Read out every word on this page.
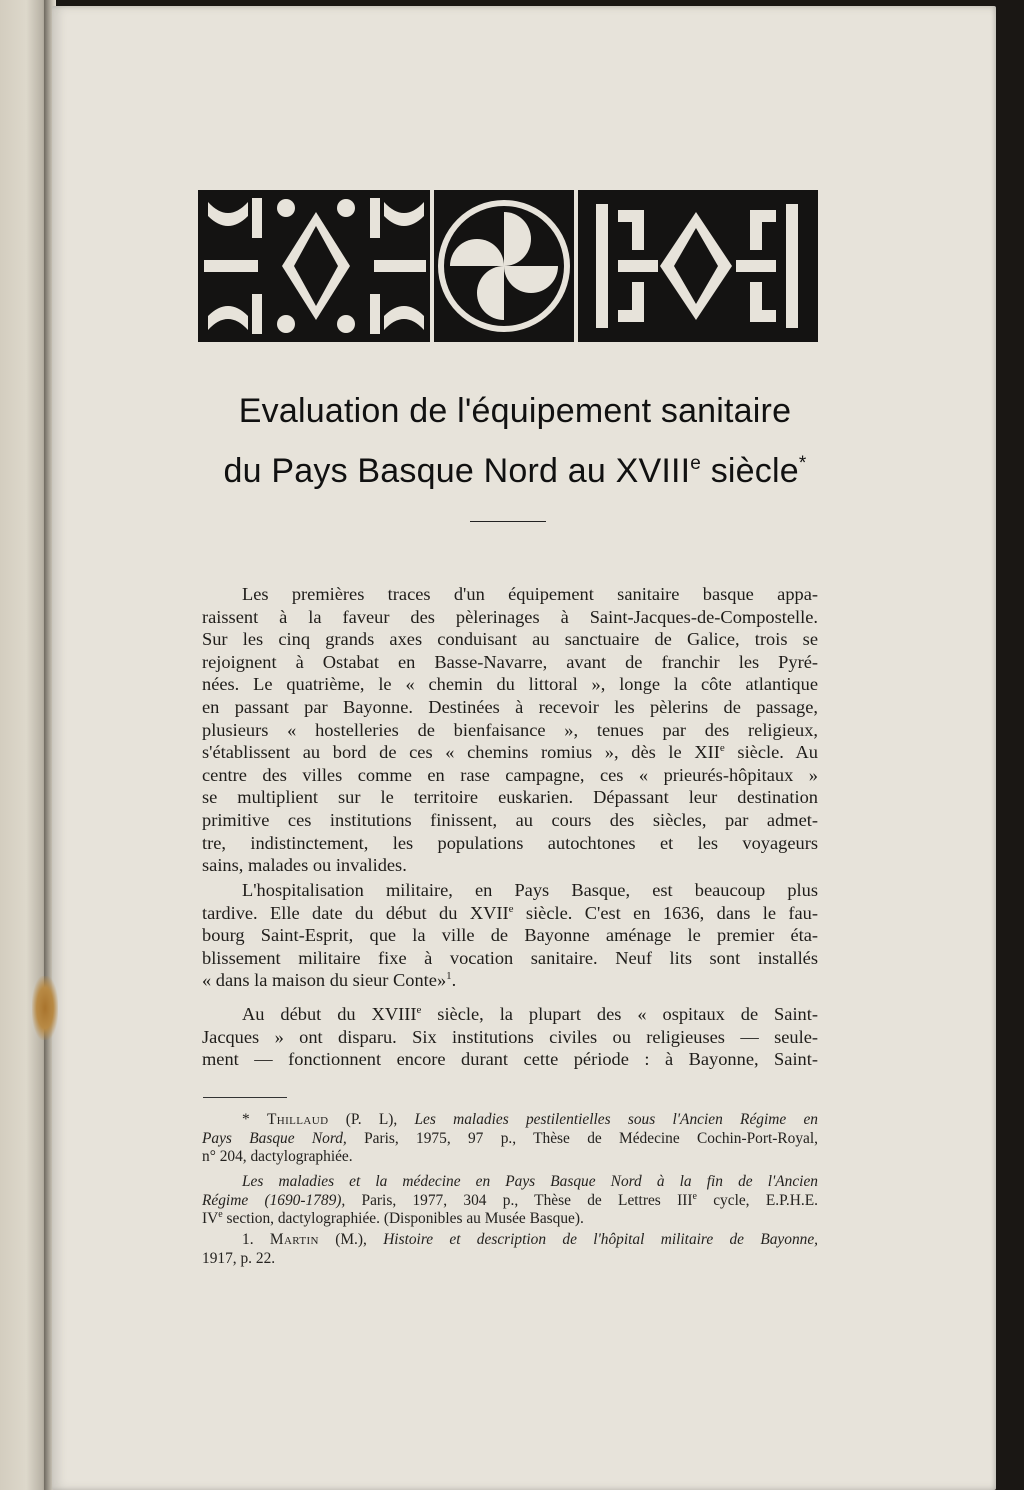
Evaluation de l'équipement sanitaire
du Pays Basque Nord au XVIIIe siècle*
Les premières traces d'un équipement sanitaire basque appa-
raissent à la faveur des pèlerinages à Saint-Jacques-de-Compostelle.
Sur les cinq grands axes conduisant au sanctuaire de Galice, trois se
rejoignent à Ostabat en Basse-Navarre, avant de franchir les Pyré-
nées. Le quatrième, le « chemin du littoral », longe la côte atlantique
en passant par Bayonne. Destinées à recevoir les pèlerins de passage,
plusieurs « hostelleries de bienfaisance », tenues par des religieux,
s'établissent au bord de ces « chemins romius », dès le XIIe siècle. Au
centre des villes comme en rase campagne, ces « prieurés-hôpitaux »
se multiplient sur le territoire euskarien. Dépassant leur destination
primitive ces institutions finissent, au cours des siècles, par admet-
tre, indistinctement, les populations autochtones et les voyageurs
sains, malades ou invalides.
L'hospitalisation militaire, en Pays Basque, est beaucoup plus
tardive. Elle date du début du XVIIe siècle. C'est en 1636, dans le fau-
bourg Saint-Esprit, que la ville de Bayonne aménage le premier éta-
blissement militaire fixe à vocation sanitaire. Neuf lits sont installés
« dans la maison du sieur Conte»$^1$.
Au début du XVIIIe siècle, la plupart des « ospitaux de Saint-
Jacques » ont disparu. Six institutions civiles ou religieuses — seule-
ment — fonctionnent encore durant cette période : à Bayonne, Saint-
* Thillaud (P. L), Les maladies pestilentielles sous l'Ancien Régime en
Pays Basque Nord, Paris, 1975, 97 p., Thèse de Médecine Cochin-Port-Royal,
n° 204, dactylographiée.
Les maladies et la médecine en Pays Basque Nord à la fin de l'Ancien
Régime (1690-1789), Paris, 1977, 304 p., Thèse de Lettres IIIe cycle, E.P.H.E.
IVe section, dactylographiée. (Disponibles au Musée Basque).
1. Martin (M.), Histoire et description de l'hôpital militaire de Bayonne,
1917, p. 22.
